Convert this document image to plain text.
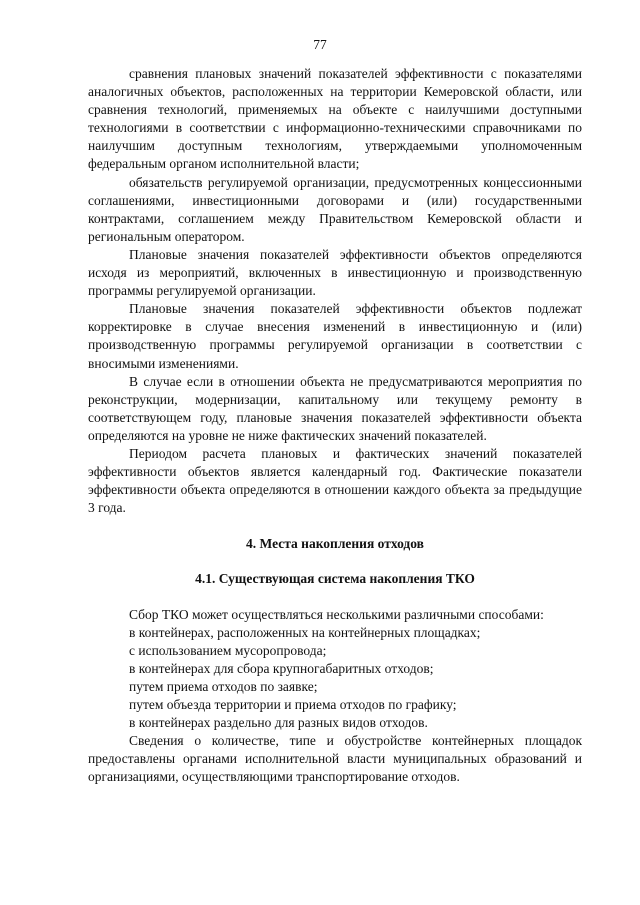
77

сравнения плановых значений показателей эффективности с показателями аналогичных объектов, расположенных на территории Кемеровской области, или сравнения технологий, применяемых на объекте с наилучшими доступными технологиями в соответствии с информационно-техническими справочниками по наилучшим доступным технологиям, утверждаемыми уполномоченным федеральным органом исполнительной власти;

обязательств регулируемой организации, предусмотренных концессионными соглашениями, инвестиционными договорами и (или) государственными контрактами, соглашением между Правительством Кемеровской области и региональным оператором.

Плановые значения показателей эффективности объектов определяются исходя из мероприятий, включенных в инвестиционную и производственную программы регулируемой организации.

Плановые значения показателей эффективности объектов подлежат корректировке в случае внесения изменений в инвестиционную и (или) производственную программы регулируемой организации в соответствии с вносимыми изменениями.

В случае если в отношении объекта не предусматриваются мероприятия по реконструкции, модернизации, капитальному или текущему ремонту в соответствующем году, плановые значения показателей эффективности объекта определяются на уровне не ниже фактических значений показателей.

Периодом расчета плановых и фактических значений показателей эффективности объектов является календарный год. Фактические показатели эффективности объекта определяются в отношении каждого объекта за предыдущие 3 года.

4. Места накопления отходов
4.1. Существующая система накопления ТКО

Сбор ТКО может осуществляться несколькими различными способами:

в контейнерах, расположенных на контейнерных площадках;

с использованием мусоропровода;

в контейнерах для сбора крупногабаритных отходов;

путем приема отходов по заявке;

путем объезда территории и приема отходов по графику;

в контейнерах раздельно для разных видов отходов.

Сведения о количестве, типе и обустройстве контейнерных площадок предоставлены органами исполнительной власти муниципальных образований и организациями, осуществляющими транспортирование отходов.
